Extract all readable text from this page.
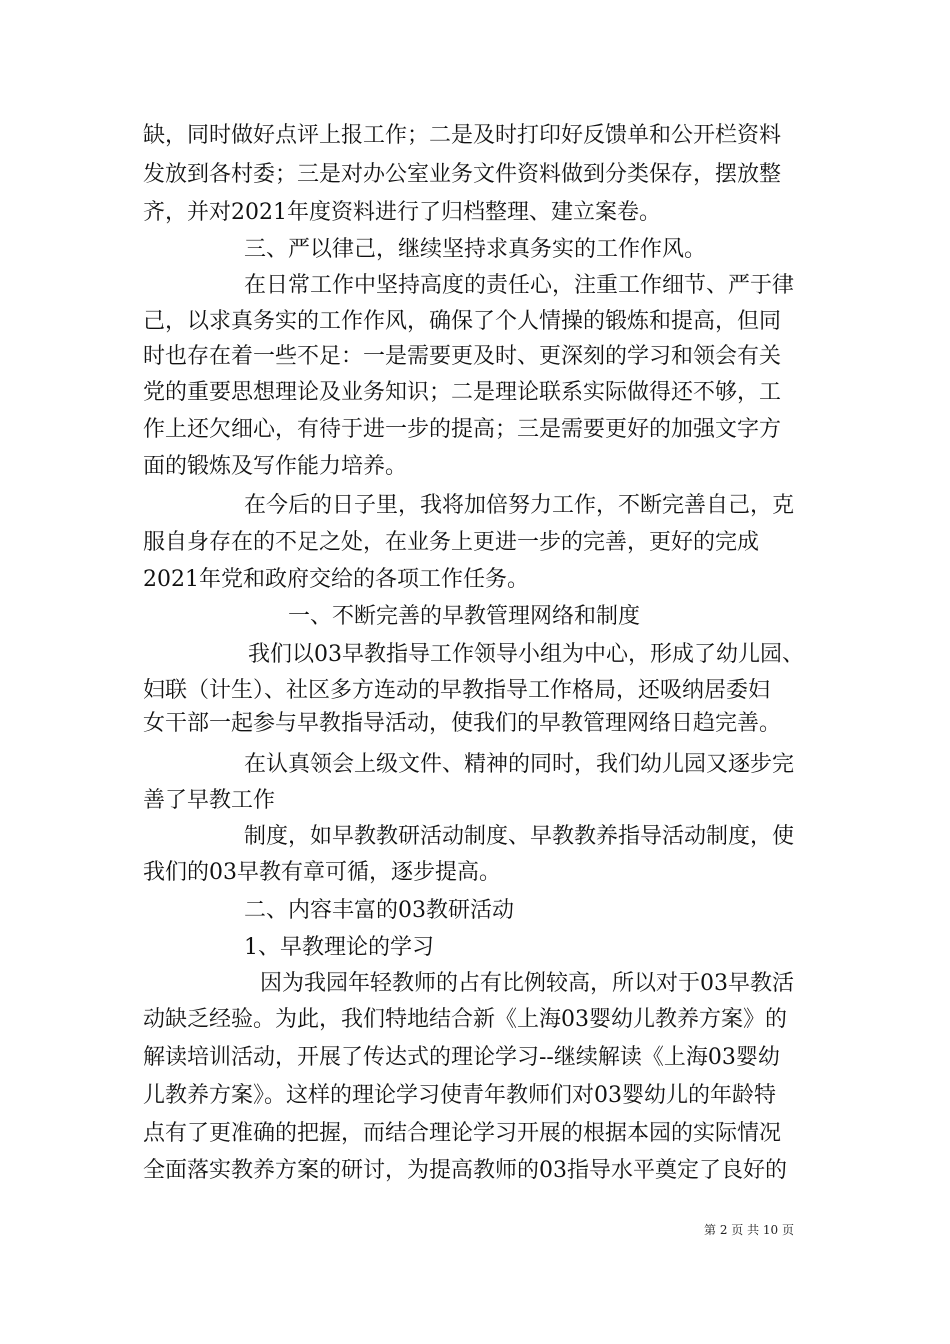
缺，同时做好点评上报工作；二是及时打印好反馈单和公开栏资料
发放到各村委；三是对办公室业务文件资料做到分类保存，摆放整
齐，并对2021年度资料进行了归档整理、建立案卷。
三、严以律己，继续坚持求真务实的工作作风。
在日常工作中坚持高度的责任心，注重工作细节、严于律
己，以求真务实的工作作风，确保了个人情操的锻炼和提高，但同
时也存在着一些不足：一是需要更及时、更深刻的学习和领会有关
党的重要思想理论及业务知识；二是理论联系实际做得还不够，工
作上还欠细心，有待于进一步的提高；三是需要更好的加强文字方
面的锻炼及写作能力培养。
在今后的日子里，我将加倍努力工作，不断完善自己，克
服自身存在的不足之处，在业务上更进一步的完善，更好的完成
2021年党和政府交给的各项工作任务。
一、不断完善的早教管理网络和制度
我们以03早教指导工作领导小组为中心，形成了幼儿园、
妇联（计生）、社区多方连动的早教指导工作格局，还吸纳居委妇
女干部一起参与早教指导活动，使我们的早教管理网络日趋完善。
在认真领会上级文件、精神的同时，我们幼儿园又逐步完
善了早教工作
制度，如早教教研活动制度、早教教养指导活动制度，使
我们的03早教有章可循，逐步提高。
二、内容丰富的03教研活动
1、早教理论的学习
因为我园年轻教师的占有比例较高，所以对于03早教活
动缺乏经验。为此，我们特地结合新《上海03婴幼儿教养方案》的
解读培训活动，开展了传达式的理论学习--继续解读《上海03婴幼
儿教养方案》。这样的理论学习使青年教师们对03婴幼儿的年龄特
点有了更准确的把握，而结合理论学习开展的根据本园的实际情况
全面落实教养方案的研讨，为提高教师的03指导水平奠定了良好的
第 2 页 共 10 页
